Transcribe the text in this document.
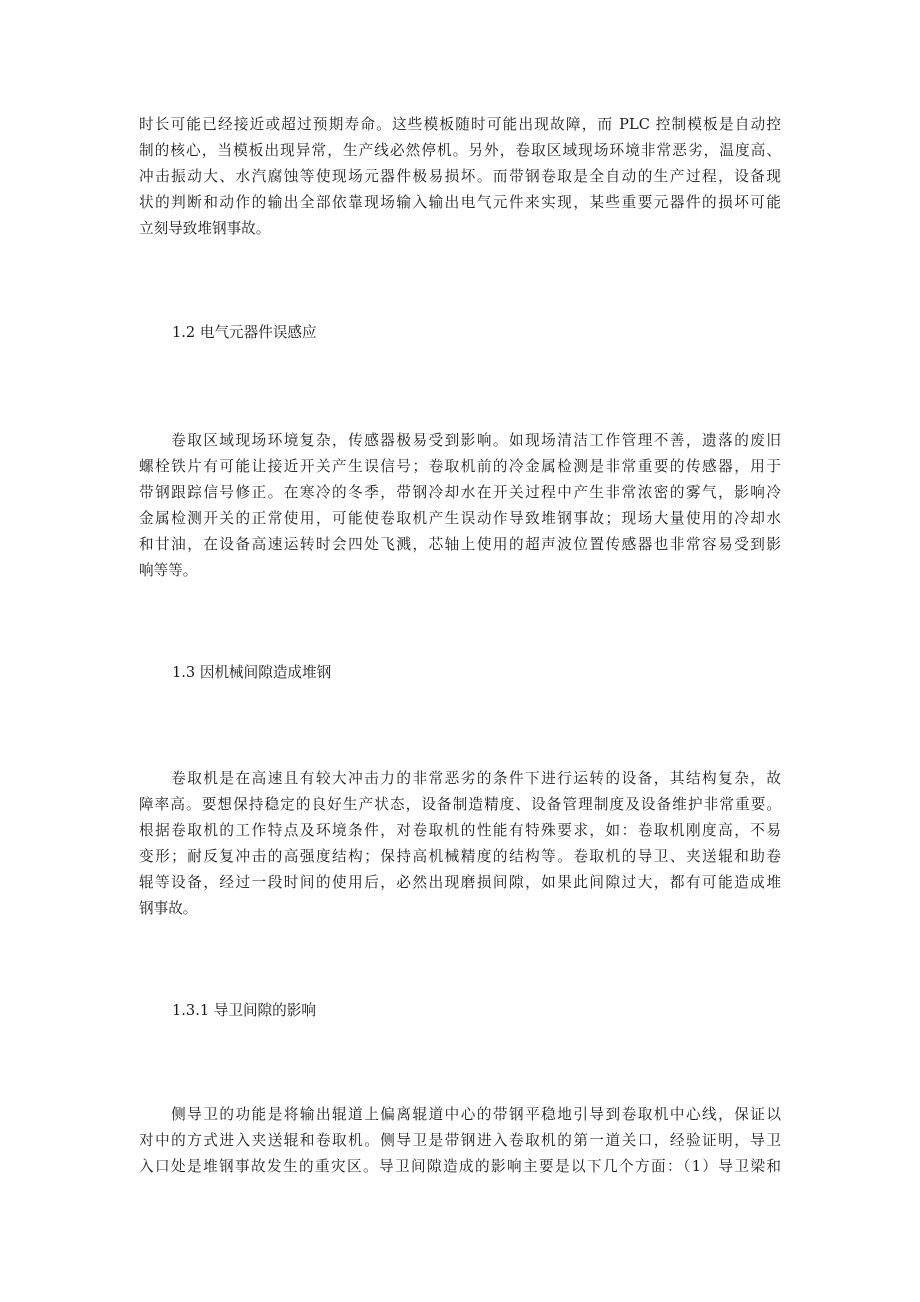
时长可能已经接近或超过预期寿命。这些模板随时可能出现故障，而 PLC 控制模板是自动控
制的核心，当模板出现异常，生产线必然停机。另外，卷取区域现场环境非常恶劣，温度高、
冲击振动大、水汽腐蚀等使现场元器件极易损坏。而带钢卷取是全自动的生产过程，设备现
状的判断和动作的输出全部依靠现场输入输出电气元件来实现，某些重要元器件的损坏可能
立刻导致堆钢事故。
1.2 电气元器件误感应
　　卷取区域现场环境复杂，传感器极易受到影响。如现场清洁工作管理不善，遗落的废旧
螺栓铁片有可能让接近开关产生误信号；卷取机前的冷金属检测是非常重要的传感器，用于
带钢跟踪信号修正。在寒冷的冬季，带钢冷却水在开关过程中产生非常浓密的雾气，影响冷
金属检测开关的正常使用，可能使卷取机产生误动作导致堆钢事故；现场大量使用的冷却水
和甘油，在设备高速运转时会四处飞溅，芯轴上使用的超声波位置传感器也非常容易受到影
响等等。
1.3 因机械间隙造成堆钢
　　卷取机是在高速且有较大冲击力的非常恶劣的条件下进行运转的设备，其结构复杂，故
障率高。要想保持稳定的良好生产状态，设备制造精度、设备管理制度及设备维护非常重要。
根据卷取机的工作特点及环境条件，对卷取机的性能有特殊要求，如：卷取机刚度高，不易
变形；耐反复冲击的高强度结构；保持高机械精度的结构等。卷取机的导卫、夹送辊和助卷
辊等设备，经过一段时间的使用后，必然出现磨损间隙，如果此间隙过大，都有可能造成堆
钢事故。
1.3.1 导卫间隙的影响
　　侧导卫的功能是将输出辊道上偏离辊道中心的带钢平稳地引导到卷取机中心线，保证以
对中的方式进入夹送辊和卷取机。侧导卫是带钢进入卷取机的第一道关口，经验证明，导卫
入口处是堆钢事故发生的重灾区。导卫间隙造成的影响主要是以下几个方面：（1）导卫梁和
